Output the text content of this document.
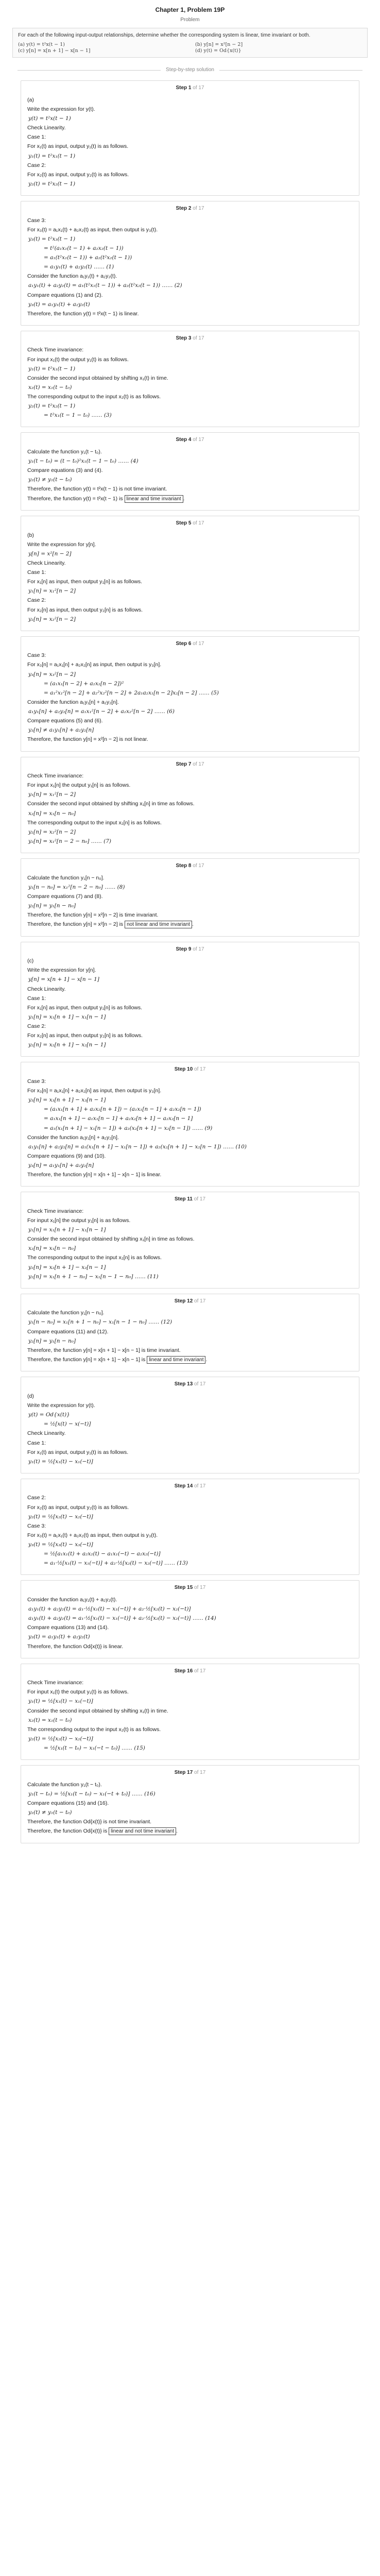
Chapter 1, Problem 19P
Problem
For each of the following input-output relationships, determine whether the corresponding system is linear, time invariant or both.
(a) y(t) = t²x(t − 1)	(b) y[n] = x²[n − 2]
(c) y[n] = x[n + 1] − x[n − 1]	(d) y(t) = Od{x(t)}
Step-by-step solution
Step 1 of 17
(a)
Write the expression for y(t).
y(t) = t²x(t − 1)
Check Linearity.
Case 1:
For x₁(t) as input, output y₁(t) is as follows.
y₁(t) = t²x₁(t − 1)
Case 2:
For x₂(t) as input, output y₂(t) is as follows.
y₂(t) = t²x₂(t − 1)
Step 2 of 17
Case 3:
For x₃(t) = a₁x₁(t) + a₂x₂(t) as input, then output is y₃(t).
y₃(t) = t²x₃(t − 1)
= t²(a₁x₁(t − 1) + a₂x₂(t − 1))
= a₁(t²x₁(t − 1)) + a₂(t²x₂(t − 1))
= a₁y₁(t) + a₂y₂(t) …… (1)
Consider the function a₁y₁(t) + a₂y₂(t).
a₁y₁(t) + a₂y₂(t) = a₁(t²x₁(t − 1)) + a₂(t²x₂(t − 1)) …… (2)
Compare equations (1) and (2).
y₃(t) = a₁y₁(t) + a₂y₂(t)
Therefore, the function y(t) = t²x(t − 1) is linear.
Step 3 of 17
Check Time invariance:
For input x₁(t) the output y₁(t) is as follows.
y₁(t) = t²x₁(t − 1)
Consider the second input obtained by shifting x₁(t) in time.
x₂(t) = x₁(t − t₀)
The corresponding output to the input x₂(t) is as follows.
y₂(t) = t²x₂(t − 1)
= t²x₁(t − 1 − t₀) …… (3)
Step 4 of 17
Calculate the function y₁(t − t₀).
y₁(t − t₀) = (t − t₀)²x₁(t − 1 − t₀) …… (4)
Compare equations (3) and (4).
y₂(t) ≠ y₁(t − t₀)
Therefore, the function y(t) = t²x(t − 1) is not time invariant.
Therefore, the function y(t) = t²x(t − 1) is linear and time invariant .
Step 5 of 17
(b)
Write the expression for y[n].
y[n] = x²[n − 2]
Check Linearity.
Case 1:
For x₁[n] as input, then output y₁[n] is as follows.
y₁[n] = x₁²[n − 2]
Case 2:
For x₂[n] as input, then output y₂[n] is as follows.
y₂[n] = x₂²[n − 2]
Step 6 of 17
Case 3:
For x₃[n] = a₁x₁[n] + a₂x₂[n] as input, then output is y₃[n].
y₃[n] = x₃²[n − 2]
= (a₁x₁[n − 2] + a₂x₂[n − 2])²
= a₁²x₁²[n − 2] + a₂²x₂²[n − 2] + 2a₁a₂x₁[n − 2]x₂[n − 2] …… (5)
Consider the function a₁y₁[n] + a₂y₂[n].
a₁y₁[n] + a₂y₂[n] = a₁x₁²[n − 2] + a₂x₂²[n − 2] …… (6)
Compare equations (5) and (6).
y₃[n] ≠ a₁y₁[n] + a₂y₂[n]
Therefore, the function y[n] = x²[n − 2] is not linear.
Step 7 of 17
Check Time invariance:
For input x₁[n] the output y₁[n] is as follows.
y₁[n] = x₁²[n − 2]
Consider the second input obtained by shifting x₁[n] in time as follows.
x₂[n] = x₁[n − n₀]
The corresponding output to the input x₂[n] is as follows.
y₂[n] = x₂²[n − 2]
y₂[n] = x₁²[n − 2 − n₀] …… (7)
Step 8 of 17
Calculate the function y₁[n − n₀].
y₁[n − n₀] = x₁²[n − 2 − n₀] …… (8)
Compare equations (7) and (8).
y₂[n] = y₁[n − n₀]
Therefore, the function y[n] = x²[n − 2] is time invariant.
Therefore, the function y[n] = x²[n − 2] is not linear and time invariant .
Step 9 of 17
(c)
Write the expression for y[n].
y[n] = x[n + 1] − x[n − 1]
Check Linearity.
Case 1:
For x₁[n] as input, then output y₁[n] is as follows.
y₁[n] = x₁[n + 1] − x₁[n − 1]
Case 2:
For x₂[n] as input, then output y₂[n] is as follows.
y₂[n] = x₂[n + 1] − x₂[n − 1]
Step 10 of 17
Case 3:
For x₃[n] = a₁x₁[n] + a₂x₂[n] as input, then output is y₃[n].
y₃[n] = x₃[n + 1] − x₃[n − 1]
= (a₁x₁[n + 1] + a₂x₂[n + 1]) − (a₁x₁[n − 1] + a₂x₂[n − 1])
= a₁x₁[n + 1] − a₁x₁[n − 1] + a₂x₂[n + 1] − a₂x₂[n − 1]
= a₁(x₁[n + 1] − x₁[n − 1]) + a₂(x₂[n + 1] − x₂[n − 1]) …… (9)
Consider the function a₁y₁[n] + a₂y₂[n].
a₁y₁[n] + a₂y₂[n] = a₁(x₁[n + 1] − x₁[n − 1]) + a₂(x₂[n + 1] − x₂[n − 1]) …… (10)
Compare equations (9) and (10).
y₃[n] = a₁y₁[n] + a₂y₂[n]
Therefore, the function y[n] = x[n + 1] − x[n − 1] is linear.
Step 11 of 17
Check Time invariance:
For input x₁[n] the output y₁[n] is as follows.
y₁[n] = x₁[n + 1] − x₁[n − 1]
Consider the second input obtained by shifting x₁[n] in time as follows.
x₂[n] = x₁[n − n₀]
The corresponding output to the input x₂[n] is as follows.
y₂[n] = x₂[n + 1] − x₂[n − 1]
y₂[n] = x₁[n + 1 − n₀] − x₁[n − 1 − n₀] …… (11)
Step 12 of 17
Calculate the function y₁[n − n₀].
y₁[n − n₀] = x₁[n + 1 − n₀] − x₁[n − 1 − n₀] …… (12)
Compare equations (11) and (12).
y₂[n] = y₁[n − n₀]
Therefore, the function y[n] = x[n + 1] − x[n − 1] is time invariant.
Therefore, the function y[n] = x[n + 1] − x[n − 1] is linear and time invariant .
Step 13 of 17
(d)
Write the expression for y(t).
y(t) = Od{x(t)}
= ½[x(t) − x(−t)]
Check Linearity.
Case 1:
For x₁(t) as input, output y₁(t) is as follows.
y₁(t) = ½[x₁(t) − x₁(−t)]
Step 14 of 17
Case 2:
For x₂(t) as input, output y₂(t) is as follows.
y₂(t) = ½[x₂(t) − x₂(−t)]
Case 3:
For x₃(t) = a₁x₁(t) + a₂x₂(t) as input, then output is y₃(t).
y₃(t) = ½[x₃(t) − x₃(−t)]
= ½[a₁x₁(t) + a₂x₂(t) − a₁x₁(−t) − a₂x₂(−t)]
= a₁·½[x₁(t) − x₁(−t)] + a₂·½[x₂(t) − x₂(−t)] …… (13)
Step 15 of 17
Consider the function a₁y₁(t) + a₂y₂(t).
a₁y₁(t) + a₂y₂(t) = a₁·½[x₁(t) − x₁(−t)] + a₂·½[x₂(t) − x₂(−t)]
a₁y₁(t) + a₂y₂(t) = a₁·½[x₁(t) − x₁(−t)] + a₂·½[x₂(t) − x₂(−t)] …… (14)
Compare equations (13) and (14).
y₃(t) = a₁y₁(t) + a₂y₂(t)
Therefore, the function Od{x(t)} is linear.
Step 16 of 17
Check Time invariance:
For input x₁(t) the output y₁(t) is as follows.
y₁(t) = ½[x₁(t) − x₁(−t)]
Consider the second input obtained by shifting x₁(t) in time.
x₂(t) = x₁(t − t₀)
The corresponding output to the input x₂(t) is as follows.
y₂(t) = ½[x₂(t) − x₂(−t)]
= ½[x₁(t − t₀) − x₁(−t − t₀)] …… (15)
Step 17 of 17
Calculate the function y₁(t − t₀).
y₁(t − t₀) = ½[x₁(t − t₀) − x₁(−t + t₀)] …… (16)
Compare equations (15) and (16).
y₂(t) ≠ y₁(t − t₀)
Therefore, the function Od{x(t)} is not time invariant.
Therefore, the function Od{x(t)} is linear and not time invariant .
